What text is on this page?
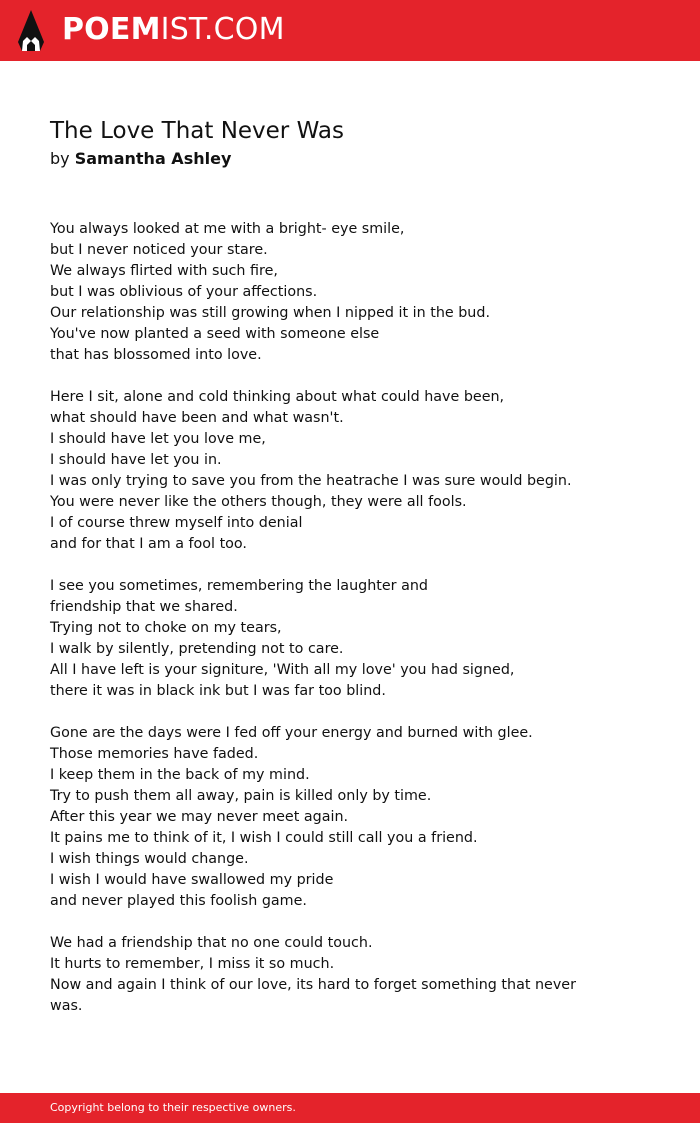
POEMIST.COM
The Love That Never Was
by Samantha Ashley
You always looked at me with a bright- eye smile,
but I never noticed your stare.
We always flirted with such fire,
but I was oblivious of your affections.
Our relationship was still growing when I nipped it in the bud.
You've now planted a seed with someone else
that has blossomed into love.
Here I sit, alone and cold thinking about what could have been,
what should have been and what wasn't.
I should have let you love me,
I should have let you in.
I was only trying to save you from the heatrache I was sure would begin.
You were never like the others though, they were all fools.
I of course threw myself into denial
and for that I am a fool too.
I see you sometimes, remembering the laughter and
friendship that we shared.
Trying not to choke on my tears,
I walk by silently, pretending not to care.
All I have left is your signiture, 'With all my love' you had signed,
there it was in black ink but I was far too blind.
Gone are the days were I fed off your energy and burned with glee.
Those memories have faded.
I keep them in the back of my mind.
Try to push them all away, pain is killed only by time.
After this year we may never meet again.
It pains me to think of it, I wish I could still call you a friend.
I wish things would change.
I wish I would have swallowed my pride
and never played this foolish game.
We had a friendship that no one could touch.
It hurts to remember, I miss it so much.
Now and again I think of our love, its hard to forget something that never
was.
Copyright belong to their respective owners.
